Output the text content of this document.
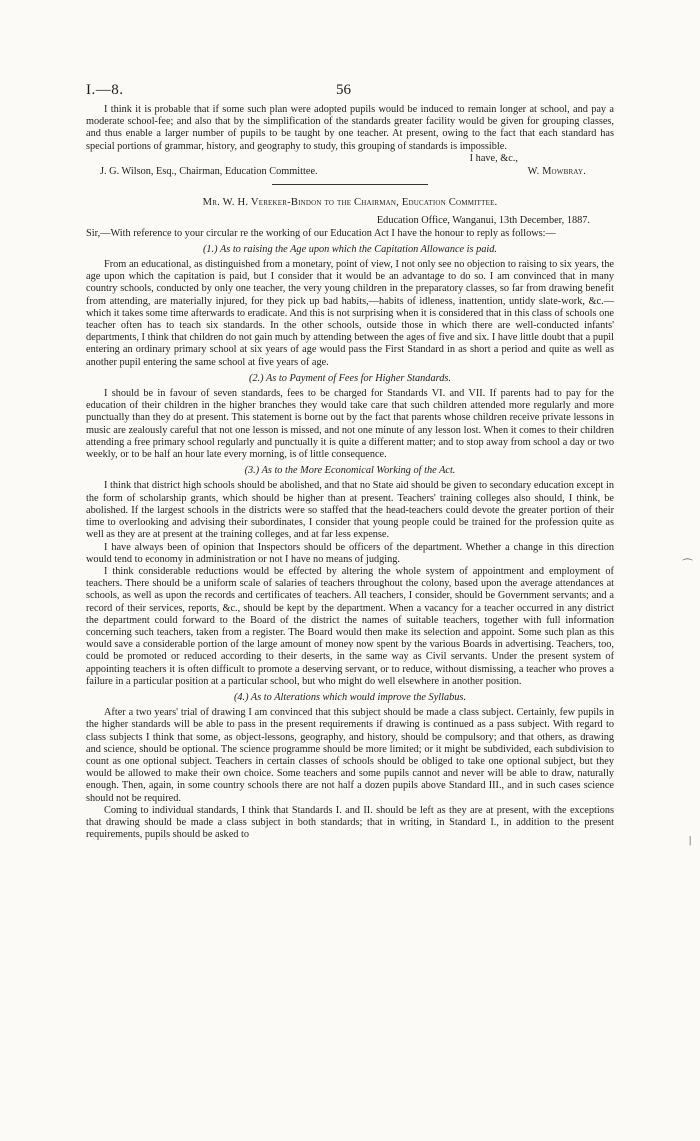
I.—8.	56

I think it is probable that if some such plan were adopted pupils would be induced to remain longer at school, and pay a moderate school-fee; and also that by the simplification of the standards greater facility would be given for grouping classes, and thus enable a larger number of pupils to be taught by one teacher. At present, owing to the fact that each standard has special portions of grammar, history, and geography to study, this grouping of standards is impossible.

I have, &c.,
J. G. Wilson, Esq., Chairman, Education Committee.	W. Mowbray.
Mr. W. H. Vereker-Bindon to the Chairman, Education Committee.
Education Office, Wanganui, 13th December, 1887.

Sir,—With reference to your circular re the working of our Education Act I have the honour to reply as follows:—

(1.) As to raising the Age upon which the Capitation Allowance is paid.

From an educational, as distinguished from a monetary, point of view, I not only see no objection to raising to six years, the age upon which the capitation is paid, but I consider that it would be an advantage to do so. I am convinced that in many country schools, conducted by only one teacher, the very young children in the preparatory classes, so far from drawing benefit from attending, are materially injured, for they pick up bad habits,—habits of idleness, inattention, untidy slate-work, &c.—which it takes some time afterwards to eradicate. And this is not surprising when it is considered that in this class of schools one teacher often has to teach six standards. In the other schools, outside those in which there are well-conducted infants' departments, I think that children do not gain much by attending between the ages of five and six. I have little doubt that a pupil entering an ordinary primary school at six years of age would pass the First Standard in as short a period and quite as well as another pupil entering the same school at five years of age.

(2.) As to Payment of Fees for Higher Standards.

I should be in favour of seven standards, fees to be charged for Standards VI. and VII. If parents had to pay for the education of their children in the higher branches they would take care that such children attended more regularly and more punctually than they do at present. This statement is borne out by the fact that parents whose children receive private lessons in music are zealously careful that not one lesson is missed, and not one minute of any lesson lost. When it comes to their children attending a free primary school regularly and punctually it is quite a different matter; and to stop away from school a day or two weekly, or to be half an hour late every morning, is of little consequence.

(3.) As to the More Economical Working of the Act.

I think that district high schools should be abolished, and that no State aid should be given to secondary education except in the form of scholarship grants, which should be higher than at present. Teachers' training colleges also should, I think, be abolished. If the largest schools in the districts were so staffed that the head-teachers could devote the greater portion of their time to overlooking and advising their subordinates, I consider that young people could be trained for the profession quite as well as they are at present at the training colleges, and at far less expense.

I have always been of opinion that Inspectors should be officers of the department. Whether a change in this direction would tend to economy in administration or not I have no means of judging.

I think considerable reductions would be effected by altering the whole system of appointment and employment of teachers. There should be a uniform scale of salaries of teachers throughout the colony, based upon the average attendances at schools, as well as upon the records and certificates of teachers. All teachers, I consider, should be Government servants; and a record of their services, reports, &c., should be kept by the department. When a vacancy for a teacher occurred in any district the department could forward to the Board of the district the names of suitable teachers, together with full information concerning such teachers, taken from a register. The Board would then make its selection and appoint. Some such plan as this would save a considerable portion of the large amount of money now spent by the various Boards in advertising. Teachers, too, could be promoted or reduced according to their deserts, in the same way as Civil servants. Under the present system of appointing teachers it is often difficult to promote a deserving servant, or to reduce, without dismissing, a teacher who proves a failure in a particular position at a particular school, but who might do well elsewhere in another position.

(4.) As to Alterations which would improve the Syllabus.

After a two years' trial of drawing I am convinced that this subject should be made a class subject. Certainly, few pupils in the higher standards will be able to pass in the present requirements if drawing is continued as a pass subject. With regard to class subjects I think that some, as object-lessons, geography, and history, should be compulsory; and that others, as drawing and science, should be optional. The science programme should be more limited; or it might be subdivided, each subdivision to count as one optional subject. Teachers in certain classes of schools should be obliged to take one optional subject, but they would be allowed to make their own choice. Some teachers and some pupils cannot and never will be able to draw, naturally enough. Then, again, in some country schools there are not half a dozen pupils above Standard III., and in such cases science should not be required.

Coming to individual standards, I think that Standards I. and II. should be left as they are at present, with the exceptions that drawing should be made a class subject in both standards; that in writing, in Standard I., in addition to the present requirements, pupils should be asked to

⌒
|
